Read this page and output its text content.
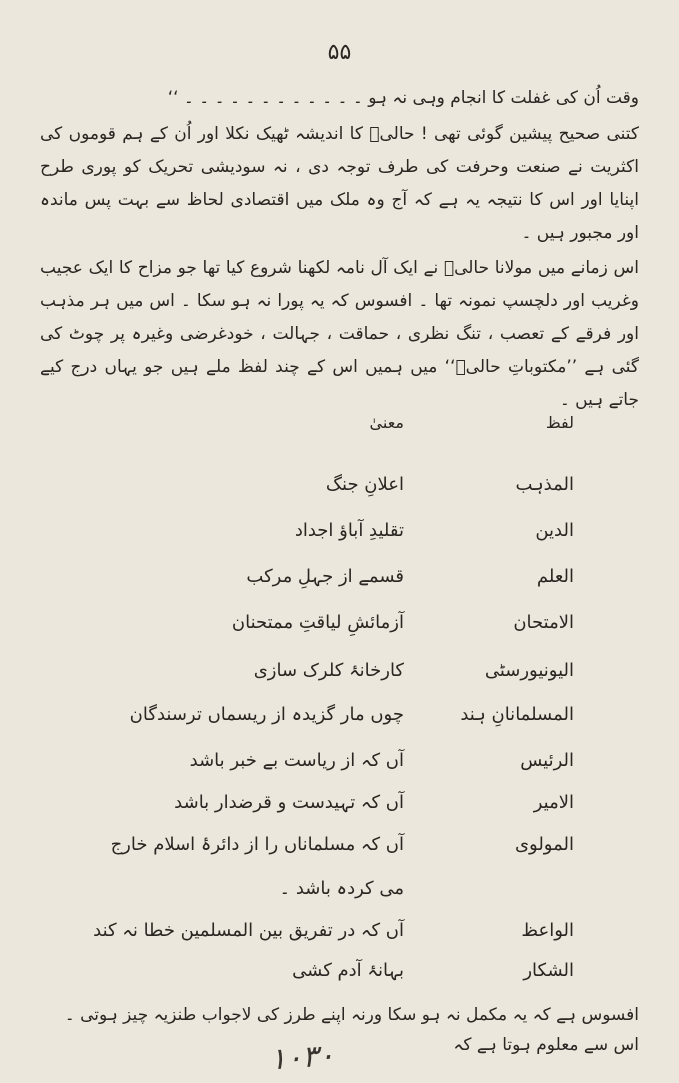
۵۵

وقت اُن کی غفلت کا انجام وہی نہ ہو ۔ ۔ ۔ ۔ ۔ ۔ ۔ ۔ ۔ ۔ ۔ ۔ ‘‘

کتنی صحیح پیشین گوئی تھی ! حالیؔ کا اندیشہ ٹھیک نکلا اور اُن کے ہم قوموں کی اکثریت نے صنعت وحرفت کی طرف توجہ دی ، نہ سودیشی تحریک کو پوری طرح اپنایا اور اس کا نتیجہ یہ ہے کہ آج وہ ملک میں اقتصادی لحاظ سے بہت پس ماندہ اور مجبور ہیں ۔

اس زمانے میں مولانا حالیؔ نے ایک آل نامہ لکھنا شروع کیا تھا جو مزاح کا ایک عجیب وغریب اور دلچسپ نمونہ تھا ۔ افسوس کہ یہ پورا نہ ہو سکا ۔ اس میں ہر مذہب اور فرقے کے تعصب ، تنگ نظری ، حماقت ، جہالت ، خودغرضی وغیرہ پر چوٹ کی گئی ہے ’’مکتوباتِ حالیؔ‘‘ میں ہمیں اس کے چند لفظ ملے ہیں جو یہاں درج کیے جاتے ہیں ۔

لفظ
معنیٰ
المذہب
اعلانِ جنگ
الدین
تقلیدِ آباؤ اجداد
العلم
قسمے از جہلِ مرکب
الامتحان
آزمائشِ لیاقتِ ممتحنان
الیونیورسٹی
کارخانۂ کلرک سازی
المسلمانانِ ہند
چوں مار گزیدہ از ریسماں ترسندگان
الرئیس
آں کہ از ریاست بے خبر باشد
الامیر
آں کہ تہیدست و قرضدار باشد
المولوی
آں کہ مسلماناں را از دائرۂ اسلام خارج
می کردہ باشد ۔
الواعظ
آں کہ در تفریق بین المسلمین خطا نہ کند
الشکار
بہانۂ آدم کشی

افسوس ہے کہ یہ مکمل نہ ہو سکا ورنہ اپنے طرز کی لاجواب طنزیہ چیز ہوتی ۔ اس سے معلوم ہوتا ہے کہ

۱۰۳۰
